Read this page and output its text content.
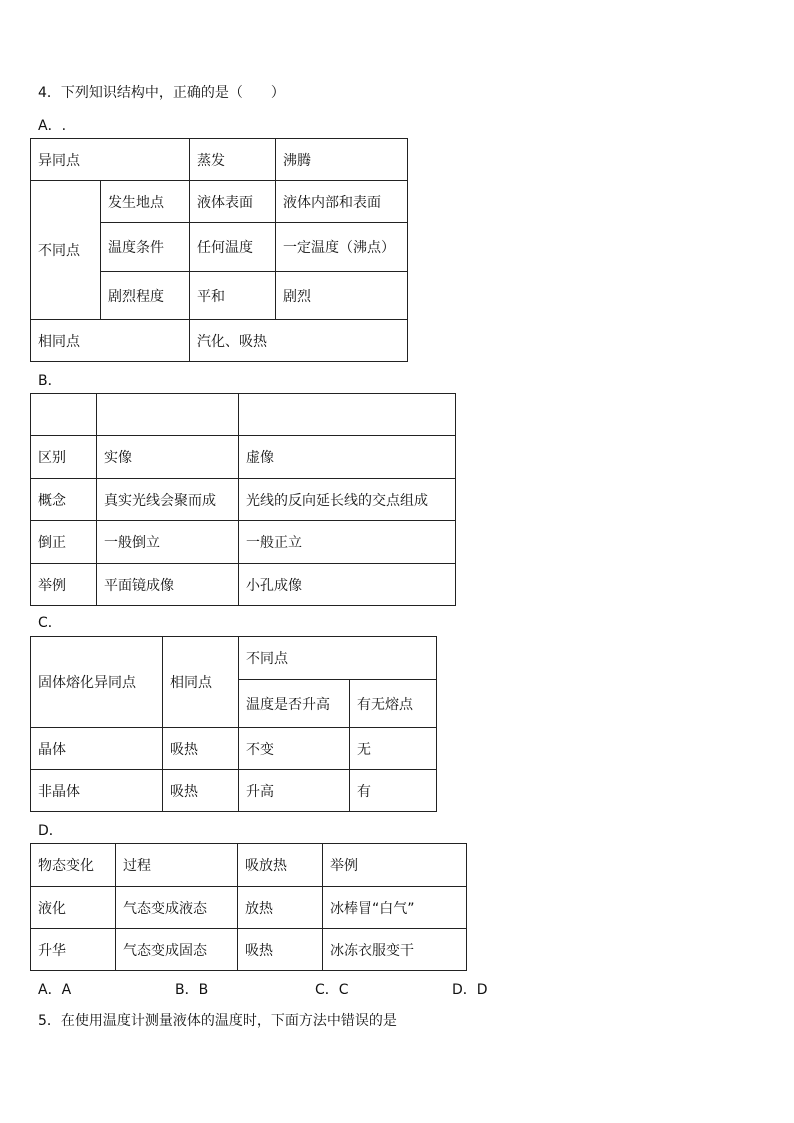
4．下列知识结构中，正确的是（　　）
A．.
异同点		蒸发	沸腾
不同点	发生地点	液体表面	液体内部和表面
	温度条件	任何温度	一定温度（沸点）
	剧烈程度	平和	剧烈
相同点		汽化、吸热	
B．

区别	实像	虚像
概念	真实光线会聚而成	光线的反向延长线的交点组成
倒正	一般倒立	一般正立
举例	平面镜成像	小孔成像
C．
固体熔化异同点	相同点	不同点	
		温度是否升高	有无熔点
晶体	吸热	不变	无
非晶体	吸热	升高	有
D．
物态变化	过程	吸放热	举例
液化	气态变成液态	放热	冰棒冒“白气”
升华	气态变成固态	吸热	冰冻衣服变干
A．A	B．B	C．C	D．D
5．在使用温度计测量液体的温度时，下面方法中错误的是
